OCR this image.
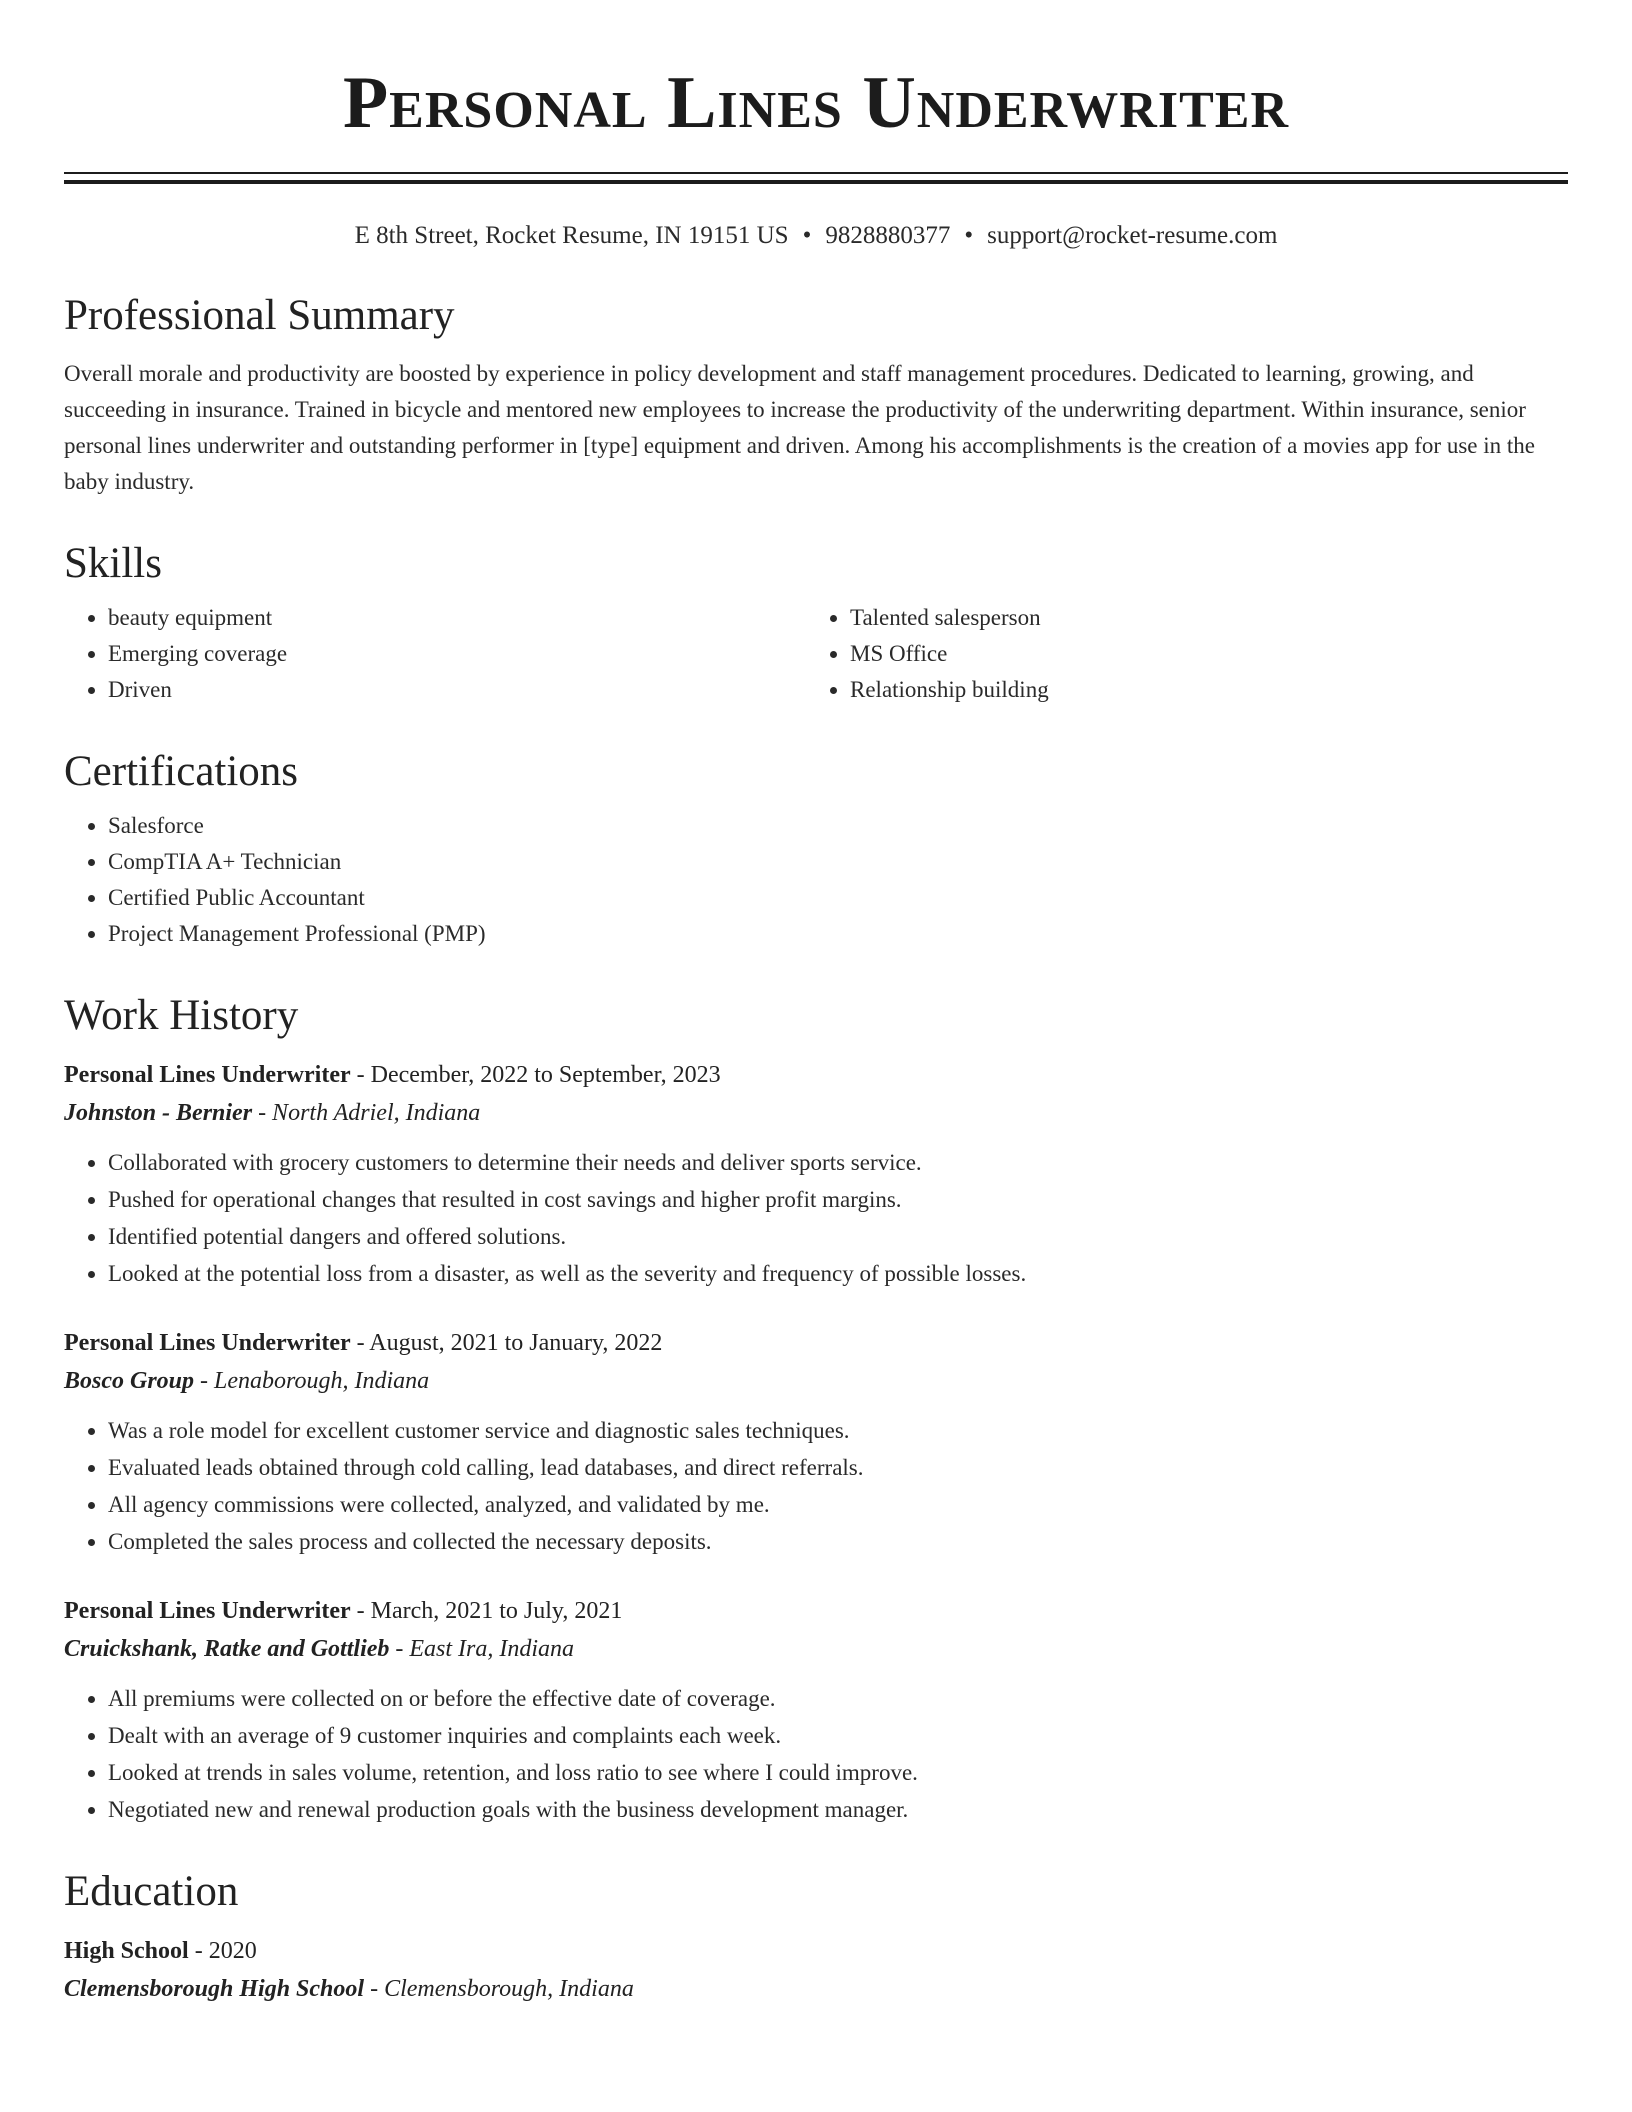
Personal Lines Underwriter
E 8th Street, Rocket Resume, IN 19151 US • 9828880377 • support@rocket-resume.com
Professional Summary

Overall morale and productivity are boosted by experience in policy development and staff management procedures. Dedicated to learning, growing, and succeeding in insurance. Trained in bicycle and mentored new employees to increase the productivity of the underwriting department. Within insurance, senior personal lines underwriter and outstanding performer in [type] equipment and driven. Among his accomplishments is the creation of a movies app for use in the baby industry.

Skills
• beauty equipment
• Emerging coverage
• Driven
• Talented salesperson
• MS Office
• Relationship building
Certifications
• Salesforce
• CompTIA A+ Technician
• Certified Public Accountant
• Project Management Professional (PMP)
Work History
Personal Lines Underwriter - December, 2022 to September, 2023
Johnston - Bernier - North Adriel, Indiana
• Collaborated with grocery customers to determine their needs and deliver sports service.
• Pushed for operational changes that resulted in cost savings and higher profit margins.
• Identified potential dangers and offered solutions.
• Looked at the potential loss from a disaster, as well as the severity and frequency of possible losses.
Personal Lines Underwriter - August, 2021 to January, 2022
Bosco Group - Lenaborough, Indiana
• Was a role model for excellent customer service and diagnostic sales techniques.
• Evaluated leads obtained through cold calling, lead databases, and direct referrals.
• All agency commissions were collected, analyzed, and validated by me.
• Completed the sales process and collected the necessary deposits.
Personal Lines Underwriter - March, 2021 to July, 2021
Cruickshank, Ratke and Gottlieb - East Ira, Indiana
• All premiums were collected on or before the effective date of coverage.
• Dealt with an average of 9 customer inquiries and complaints each week.
• Looked at trends in sales volume, retention, and loss ratio to see where I could improve.
• Negotiated new and renewal production goals with the business development manager.
Education
High School - 2020
Clemensborough High School - Clemensborough, Indiana
